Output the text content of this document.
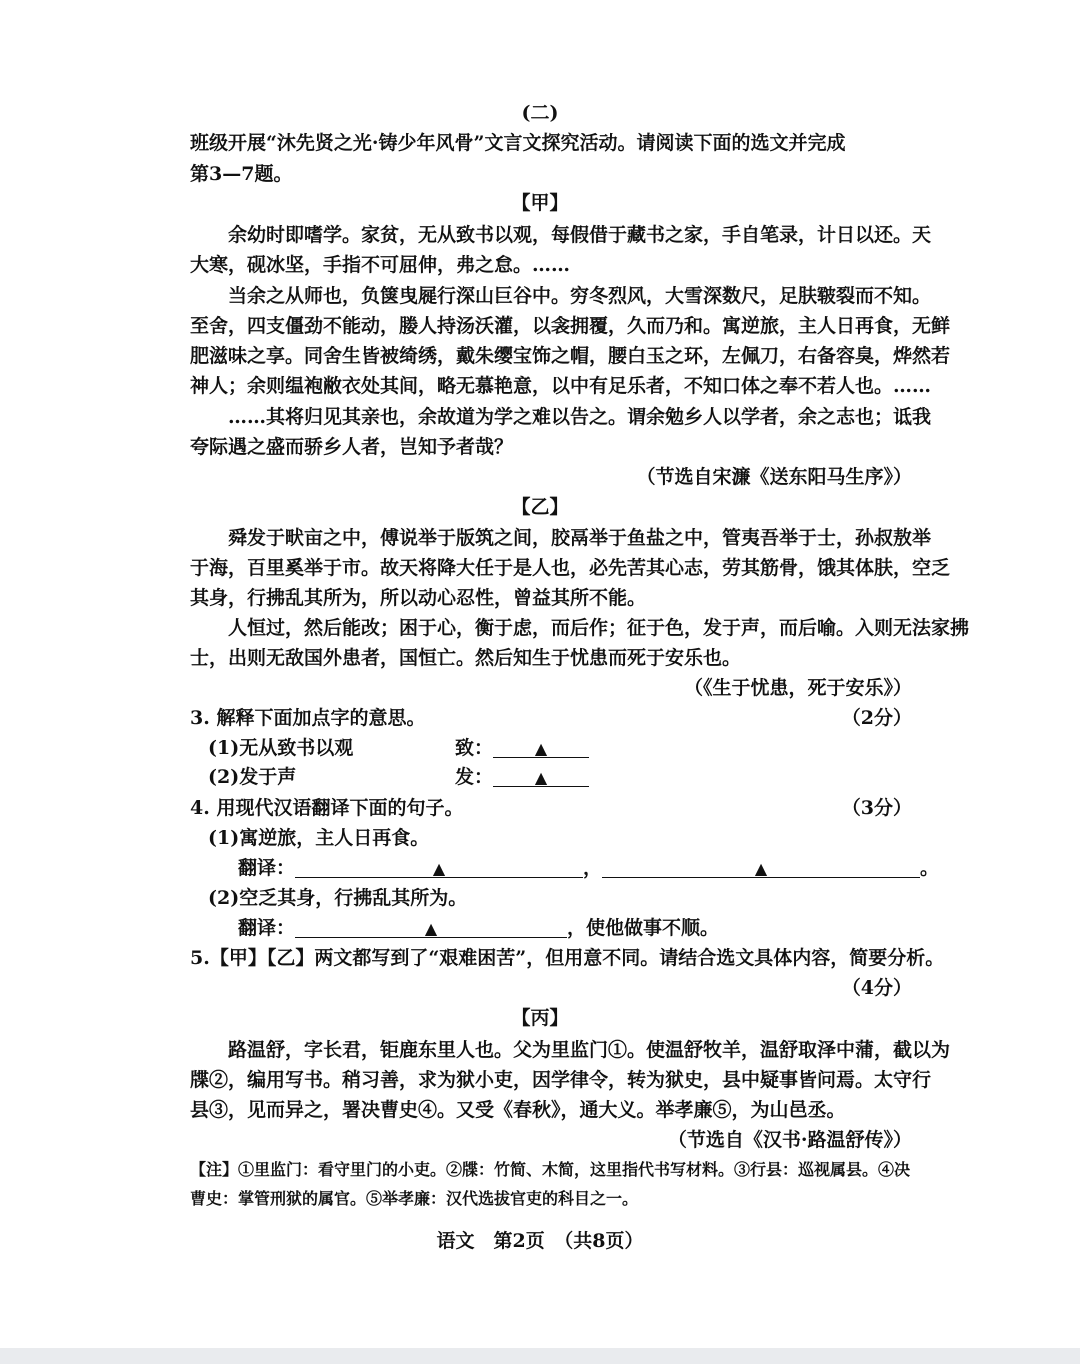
(二)
班级开展“沐先贤之光·铸少年风骨”文言文探究活动。请阅读下面的选文并完成
第3—7题。
【甲】
余幼时即嗜学。家贫，无从致书以观，每假借于藏书之家，手自笔录，计日以还。天
大寒，砚冰坚，手指不可屈伸，弗之怠。……
当余之从师也，负箧曳屣行深山巨谷中。穷冬烈风，大雪深数尺，足肤皲裂而不知。
至舍，四支僵劲不能动，媵人持汤沃灌，以衾拥覆，久而乃和。寓逆旅，主人日再食，无鲜
肥滋味之享。同舍生皆被绮绣，戴朱缨宝饰之帽，腰白玉之环，左佩刀，右备容臭，烨然若
神人；余则缊袍敝衣处其间，略无慕艳意，以中有足乐者，不知口体之奉不若人也。……
……其将归见其亲也，余故道为学之难以告之。谓余勉乡人以学者，余之志也；诋我
夸际遇之盛而骄乡人者，岂知予者哉？
（节选自宋濂《送东阳马生序》）
【乙】
舜发于畎亩之中，傅说举于版筑之间，胶鬲举于鱼盐之中，管夷吾举于士，孙叔敖举
于海，百里奚举于市。故天将降大任于是人也，必先苦其心志，劳其筋骨，饿其体肤，空乏
其身，行拂乱其所为，所以动心忍性，曾益其所不能。
人恒过，然后能改；困于心，衡于虑，而后作；征于色，发于声，而后喻。入则无法家拂
士，出则无敌国外患者，国恒亡。然后知生于忧患而死于安乐也。
（《生于忧患，死于安乐》）
3. 解释下面加点字的意思。	（2分）
(1)无从致书以观	致：	▲
(2)发于声	发：	▲
4. 用现代汉语翻译下面的句子。	（3分）
(1)寓逆旅，主人日再食。
翻译：	▲	，	▲	。
(2)空乏其身，行拂乱其所为。
翻译：	▲	，使他做事不顺。
5.【甲】【乙】两文都写到了“艰难困苦”，但用意不同。请结合选文具体内容，简要分析。
（4分）
【丙】
路温舒，字长君，钜鹿东里人也。父为里监门①。使温舒牧羊，温舒取泽中蒲，截以为
牒②，编用写书。稍习善，求为狱小吏，因学律令，转为狱史，县中疑事皆问焉。太守行
县③，见而异之，署决曹史④。又受《春秋》，通大义。举孝廉⑤，为山邑丞。
（节选自《汉书·路温舒传》）
【注】①里监门：看守里门的小吏。②牒：竹简、木简，这里指代书写材料。③行县：巡视属县。④决
曹史：掌管刑狱的属官。⑤举孝廉：汉代选拔官吏的科目之一。
语文　第2页　（共8页）
